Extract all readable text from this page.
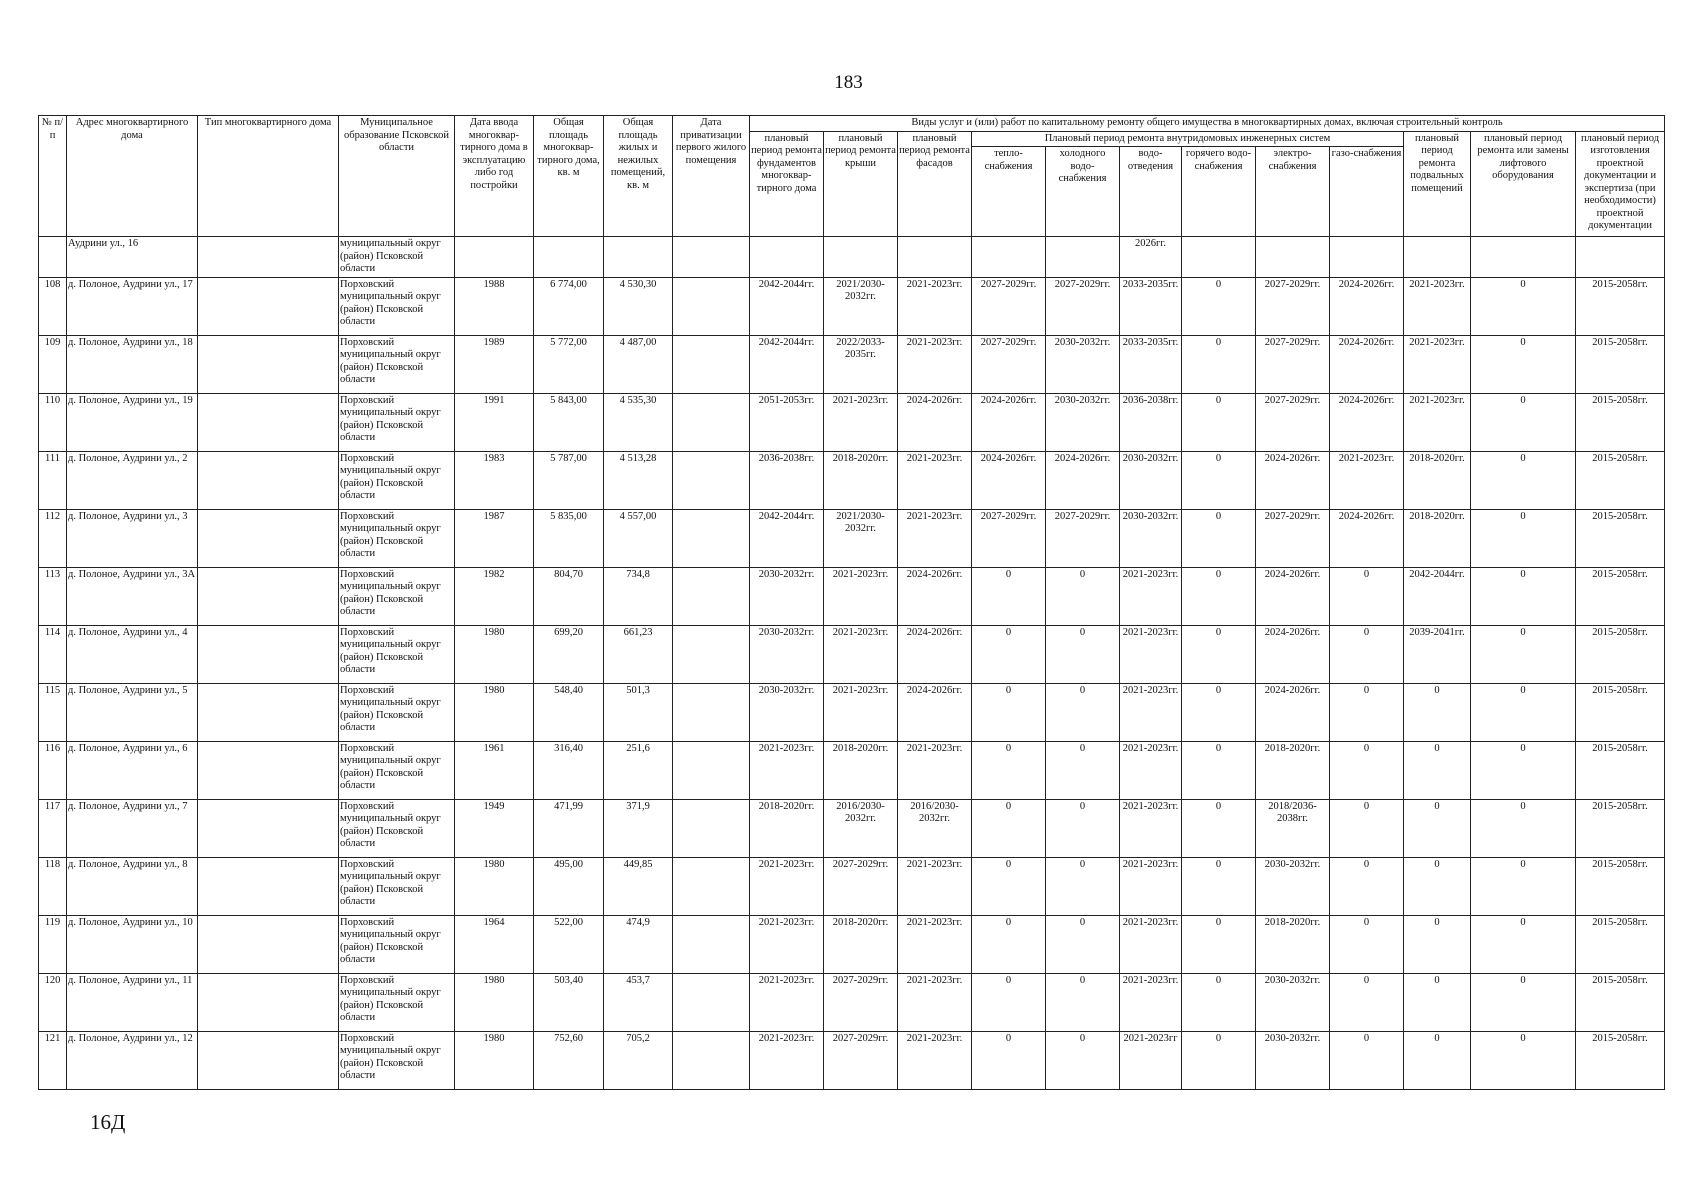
183
№ п/п	Адрес многоквартирного дома	Тип многоквартирного дома	Муниципальное образование Псковской области	Дата ввода многоквар-тирного дома в эксплуатацию либо год постройки	Общая площадь многоквар-тирного дома, кв. м	Общая площадь жилых и нежилых помещений, кв. м	Дата приватизации первого жилого помещения	Виды услуг и (или) работ по капитальному ремонту общего имущества в многоквартирных домах, включая строительный контроль											
								плановый период ремонта фундаментов многоквар-тирного дома	плановый период ремонта крыши	плановый период ремонта фасадов	Плановый период ремонта внутридомовых инженерных систем						плановый период ремонта подвальных помещений	плановый период ремонта или замены лифтового оборудования	плановый период изготовления проектной документации и экспертиза (при необходимости) проектной документации
											тепло-снабжения	холодного водо-снабжения	водо-отведения	горячего водо-снабжения	электро-снабжения	газо-снабжения			
	Аудрини ул., 16		муниципальный округ (район) Псковской области										2026гг.						
108	д. Полоное, Аудрини ул., 17		Порховский муниципальный округ (район) Псковской области	1988	6 774,00	4 530,30		2042-2044гг.	2021/2030-2032гг.	2021-2023гг.	2027-2029гг.	2027-2029гг.	2033-2035гг.	0	2027-2029гг.	2024-2026гг.	2021-2023гг.	0	2015-2058гг.
109	д. Полоное, Аудрини ул., 18		Порховский муниципальный округ (район) Псковской области	1989	5 772,00	4 487,00		2042-2044гг.	2022/2033-2035гг.	2021-2023гг.	2027-2029гг.	2030-2032гг.	2033-2035гг.	0	2027-2029гг.	2024-2026гг.	2021-2023гг.	0	2015-2058гг.
110	д. Полоное, Аудрини ул., 19		Порховский муниципальный округ (район) Псковской области	1991	5 843,00	4 535,30		2051-2053гг.	2021-2023гг.	2024-2026гг.	2024-2026гг.	2030-2032гг.	2036-2038гг.	0	2027-2029гг.	2024-2026гг.	2021-2023гг.	0	2015-2058гг.
111	д. Полоное, Аудрини ул., 2		Порховский муниципальный округ (район) Псковской области	1983	5 787,00	4 513,28		2036-2038гг.	2018-2020гг.	2021-2023гг.	2024-2026гг.	2024-2026гг.	2030-2032гг.	0	2024-2026гг.	2021-2023гг.	2018-2020гг.	0	2015-2058гг.
112	д. Полоное, Аудрини ул., 3		Порховский муниципальный округ (район) Псковской области	1987	5 835,00	4 557,00		2042-2044гг.	2021/2030-2032гг.	2021-2023гг.	2027-2029гг.	2027-2029гг.	2030-2032гг.	0	2027-2029гг.	2024-2026гг.	2018-2020гг.	0	2015-2058гг.
113	д. Полоное, Аудрини ул., 3А		Порховский муниципальный округ (район) Псковской области	1982	804,70	734,8		2030-2032гг.	2021-2023гг.	2024-2026гг.	0	0	2021-2023гг.	0	2024-2026гг.	0	2042-2044гг.	0	2015-2058гг.
114	д. Полоное, Аудрини ул., 4		Порховский муниципальный округ (район) Псковской области	1980	699,20	661,23		2030-2032гг.	2021-2023гг.	2024-2026гг.	0	0	2021-2023гг.	0	2024-2026гг.	0	2039-2041гг.	0	2015-2058гг.
115	д. Полоное, Аудрини ул., 5		Порховский муниципальный округ (район) Псковской области	1980	548,40	501,3		2030-2032гг.	2021-2023гг.	2024-2026гг.	0	0	2021-2023гг.	0	2024-2026гг.	0	0	0	2015-2058гг.
116	д. Полоное, Аудрини ул., 6		Порховский муниципальный округ (район) Псковской области	1961	316,40	251,6		2021-2023гг.	2018-2020гг.	2021-2023гг.	0	0	2021-2023гг.	0	2018-2020гг.	0	0	0	2015-2058гг.
117	д. Полоное, Аудрини ул., 7		Порховский муниципальный округ (район) Псковской области	1949	471,99	371,9		2018-2020гг.	2016/2030-2032гг.	2016/2030-2032гг.	0	0	2021-2023гг.	0	2018/2036-2038гг.	0	0	0	2015-2058гг.
118	д. Полоное, Аудрини ул., 8		Порховский муниципальный округ (район) Псковской области	1980	495,00	449,85		2021-2023гг.	2027-2029гг.	2021-2023гг.	0	0	2021-2023гг.	0	2030-2032гг.	0	0	0	2015-2058гг.
119	д. Полоное, Аудрини ул., 10		Порховский муниципальный округ (район) Псковской области	1964	522,00	474,9		2021-2023гг.	2018-2020гг.	2021-2023гг.	0	0	2021-2023гг.	0	2018-2020гг.	0	0	0	2015-2058гг.
120	д. Полоное, Аудрини ул., 11		Порховский муниципальный округ (район) Псковской области	1980	503,40	453,7		2021-2023гг.	2027-2029гг.	2021-2023гг.	0	0	2021-2023гг.	0	2030-2032гг.	0	0	0	2015-2058гг.
121	д. Полоное, Аудрини ул., 12		Порховский муниципальный округ (район) Псковской области	1980	752,60	705,2		2021-2023гг.	2027-2029гг.	2021-2023гг.	0	0	2021-2023гг	0	2030-2032гг.	0	0	0	2015-2058гг.
16Д
